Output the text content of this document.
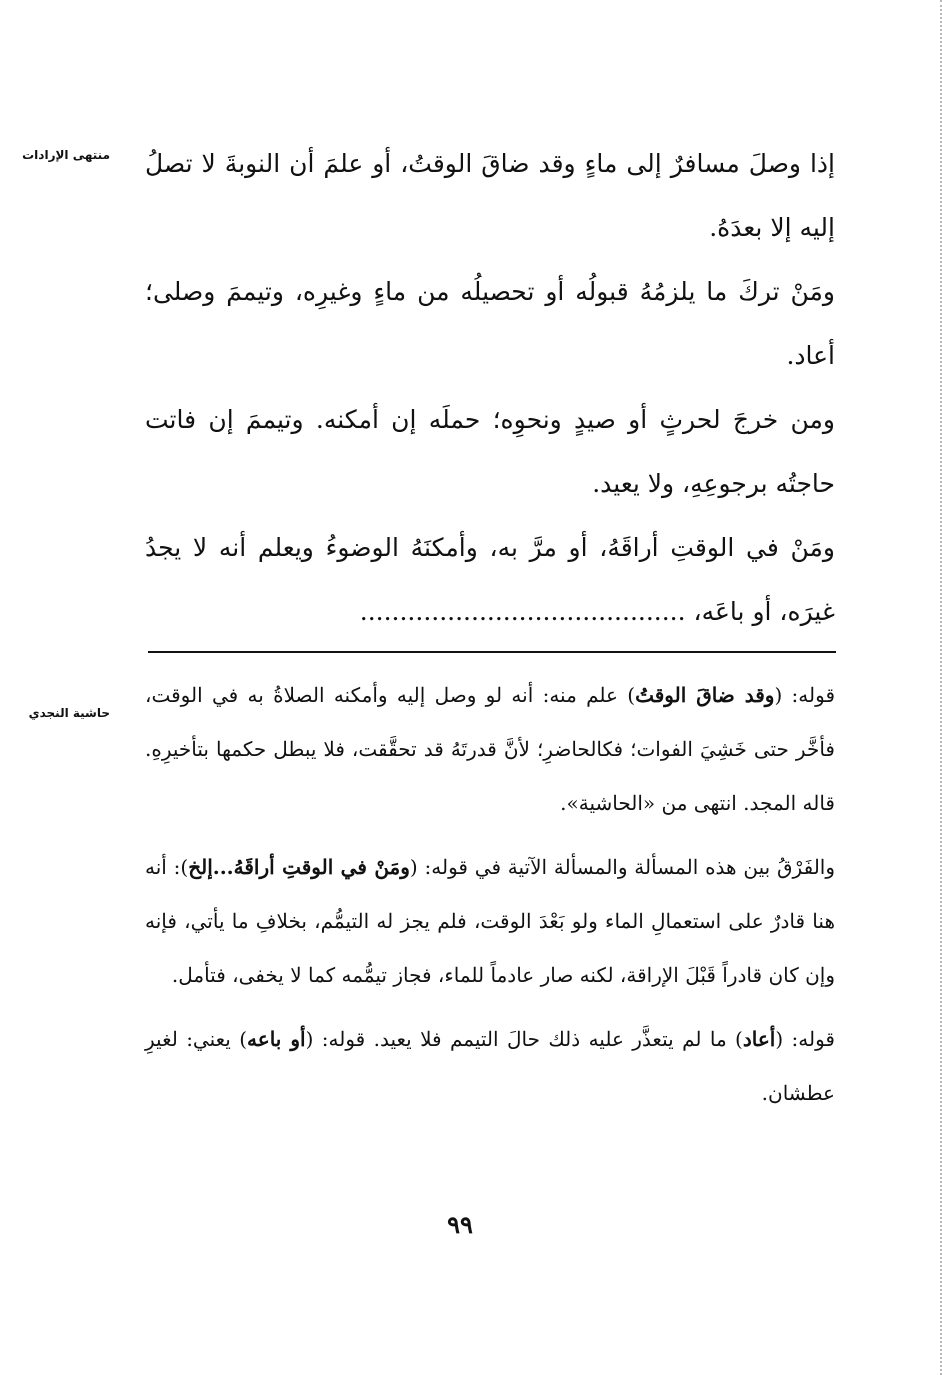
منتهى الإرادات
حاشية النجدي

إذا وصلَ مسافرٌ إلى ماءٍ وقد ضاقَ الوقتُ، أو علمَ أن النوبةَ لا تصلُ إليه إلا بعدَهُ.

ومَنْ تركَ ما يلزمُهُ قبولُه أو تحصيلُه من ماءٍ وغيرِه، وتيممَ وصلى؛ أعاد.

ومن خرجَ لحرثٍ أو صيدٍ ونحوِه؛ حملَه إن أمكنه. وتيممَ إن فاتت حاجتُه برجوعِهِ، ولا يعيد.

ومَنْ في الوقتِ أراقَهُ، أو مرَّ به، وأمكنَهُ الوضوءُ ويعلم أنه لا يجدُ غيرَه، أو باعَه، .........................................

قوله: (وقد ضاقَ الوقتُ) علم منه: أنه لو وصل إليه وأمكنه الصلاةُ به في الوقت، فأخَّر حتى خَشِيَ الفوات؛ فكالحاضرِ؛ لأنَّ قدرتَهُ قد تحقَّقت، فلا يبطل حكمها بتأخيرِهِ. قاله المجد. انتهى من «الحاشية».

والفَرْقُ بين هذه المسألة والمسألة الآتية في قوله: (ومَنْ في الوقتِ أراقَهُ...إلخ): أنه هنا قادرٌ على استعمالِ الماء ولو بَعْدَ الوقت، فلم يجز له التيمُّم، بخلافِ ما يأتي، فإنه وإن كان قادراً قَبْلَ الإراقة، لكنه صار عادماً للماء، فجاز تيمُّمه كما لا يخفى، فتأمل.

قوله: (أعاد) ما لم يتعذَّر عليه ذلك حالَ التيمم فلا يعيد. قوله: (أو باعه) يعني: لغيرِ عطشان.

٩٩
